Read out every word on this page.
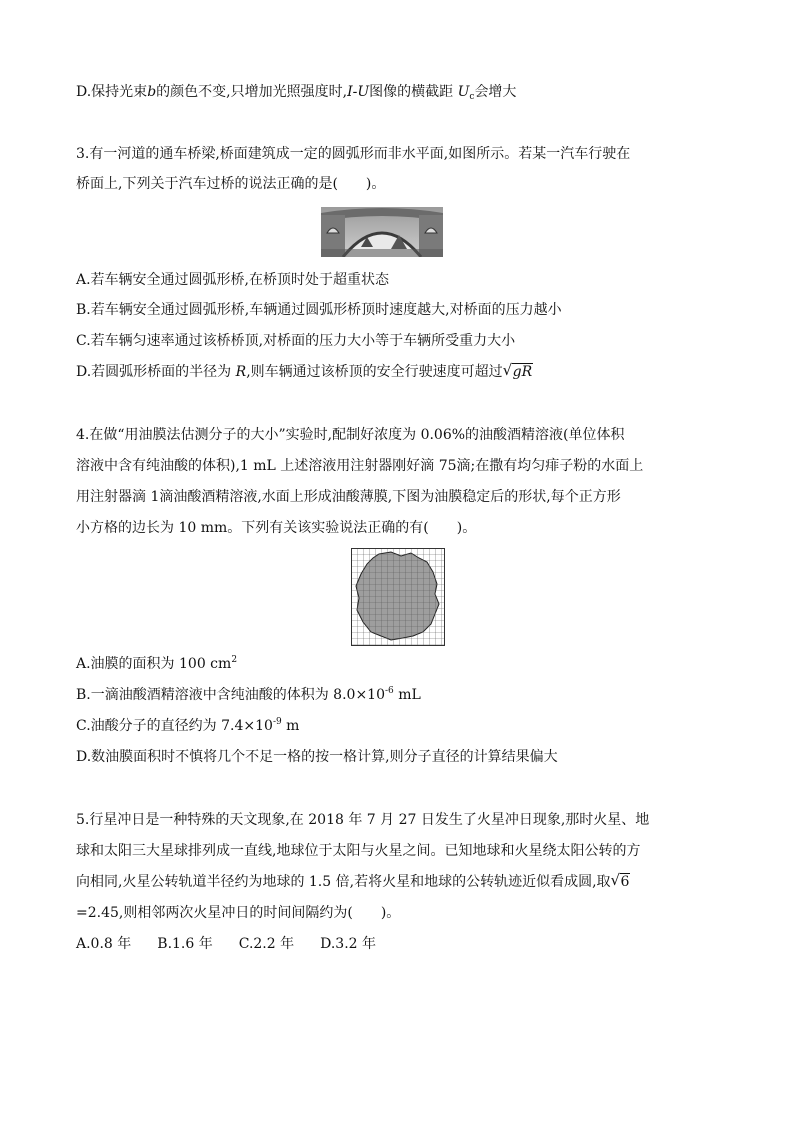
D.保持光束b的颜色不变,只增加光照强度时,I-U图像的横截距 $U_c$会增大
3.有一河道的通车桥梁,桥面建筑成一定的圆弧形而非水平面,如图所示。若某一汽车行驶在
桥面上,下列关于汽车过桥的说法正确的是(　　)。
A.若车辆安全通过圆弧形桥,在桥顶时处于超重状态
B.若车辆安全通过圆弧形桥,车辆通过圆弧形桥顶时速度越大,对桥面的压力越小
C.若车辆匀速率通过该桥桥顶,对桥面的压力大小等于车辆所受重力大小
D.若圆弧形桥面的半径为 R,则车辆通过该桥顶的安全行驶速度可超过 √ gR
4.在做“用油膜法估测分子的大小”实验时,配制好浓度为 0.06%的油酸酒精溶液(单位体积
溶液中含有纯油酸的体积),1 mL 上述溶液用注射器刚好滴 75滴;在撒有均匀痱子粉的水面上
用注射器滴 1滴油酸酒精溶液,水面上形成油酸薄膜,下图为油膜稳定后的形状,每个正方形
小方格的边长为 10 mm。下列有关该实验说法正确的有(　　)。
A.油膜的面积为 100 $cm^2$
B.一滴油酸酒精溶液中含纯油酸的体积为 $8.0\times 10^{-6}$ mL
C.油酸分子的直径约为 $7.4\times 10^{-9}$ m
D.数油膜面积时不慎将几个不足一格的按一格计算,则分子直径的计算结果偏大
5.行星冲日是一种特殊的天文现象,在 2018 年 7 月 27 日发生了火星冲日现象,那时火星、地
球和太阳三大星球排列成一直线,地球位于太阳与火星之间。已知地球和火星绕太阳公转的方
向相同,火星公转轨道半径约为地球的 1.5 倍,若将火星和地球的公转轨迹近似看成圆,取 √ 6
=2.45,则相邻两次火星冲日的时间间隔约为(　　)。
A.0.8 年 B.1.6 年 C.2.2 年 D.3.2 年
